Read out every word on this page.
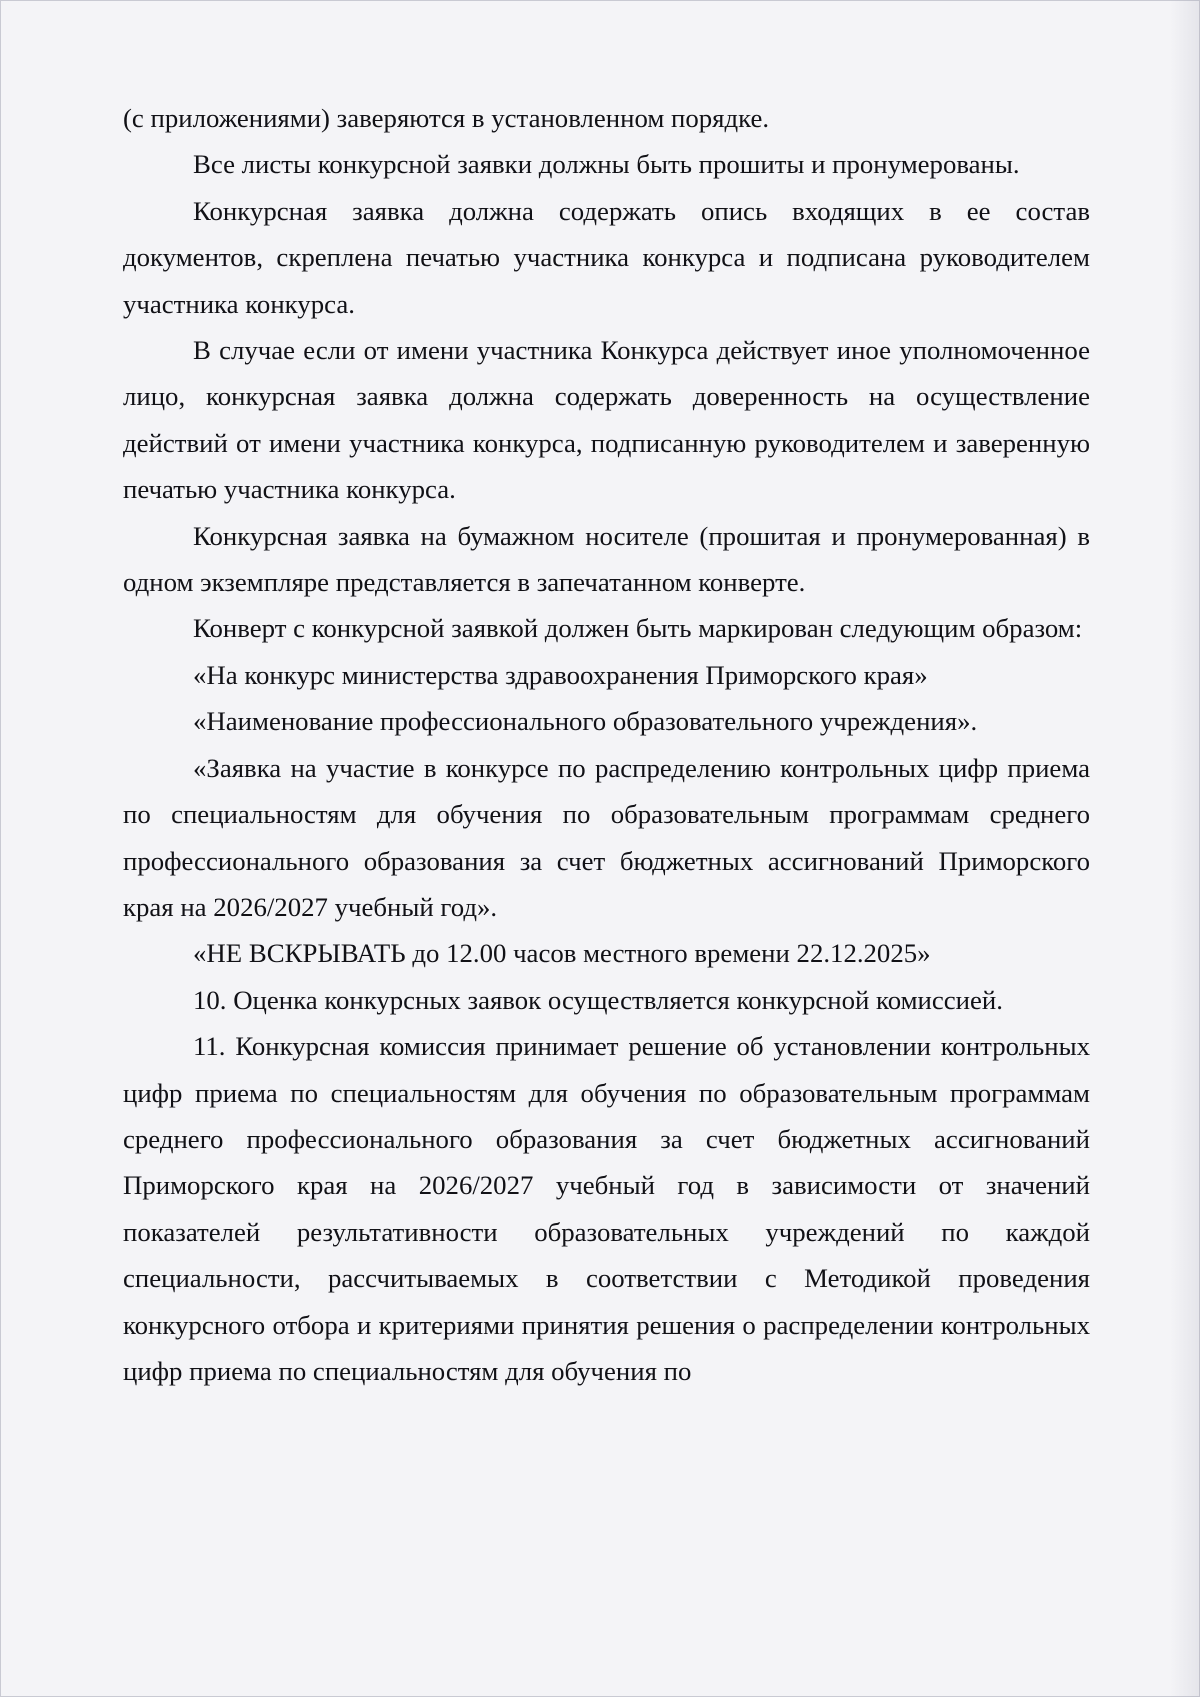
(с приложениями) заверяются в установленном порядке.

Все листы конкурсной заявки должны быть прошиты и пронумерованы.

Конкурсная заявка должна содержать опись входящих в ее состав документов, скреплена печатью участника конкурса и подписана руководителем участника конкурса.

В случае если от имени участника Конкурса действует иное уполномоченное лицо, конкурсная заявка должна содержать доверенность на осуществление действий от имени участника конкурса, подписанную руководителем и заверенную печатью участника конкурса.

Конкурсная заявка на бумажном носителе (прошитая и пронумерованная) в одном экземпляре представляется в запечатанном конверте.

Конверт с конкурсной заявкой должен быть маркирован следующим образом:

«На конкурс министерства здравоохранения Приморского края»

«Наименование профессионального образовательного учреждения».

«Заявка на участие в конкурсе по распределению контрольных цифр приема по специальностям для обучения по образовательным программам среднего профессионального образования за счет бюджетных ассигнований Приморского края на 2026/2027 учебный год».

«НЕ ВСКРЫВАТЬ до 12.00 часов местного времени 22.12.2025»

10. Оценка конкурсных заявок осуществляется конкурсной комиссией.

11. Конкурсная комиссия принимает решение об установлении контрольных цифр приема по специальностям для обучения по образовательным программам среднего профессионального образования за счет бюджетных ассигнований Приморского края на 2026/2027 учебный год в зависимости от значений показателей результативности образовательных учреждений по каждой специальности, рассчитываемых в соответствии с Методикой проведения конкурсного отбора и критериями принятия решения о распределении контрольных цифр приема по специальностям для обучения по
